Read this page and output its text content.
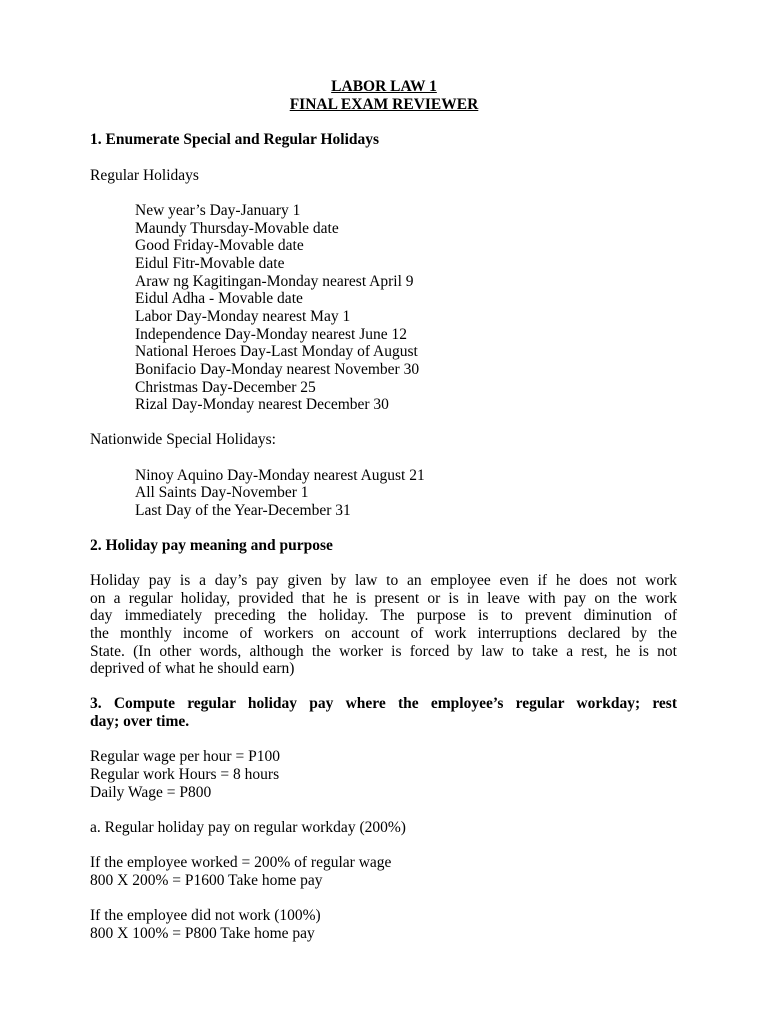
LABOR LAW 1
FINAL EXAM REVIEWER
1. Enumerate Special and Regular Holidays
Regular Holidays
New year’s Day-January 1
Maundy Thursday-Movable date
Good Friday-Movable date
Eidul Fitr-Movable date
Araw ng Kagitingan-Monday nearest April 9
Eidul Adha - Movable date
Labor Day-Monday nearest May 1
Independence Day-Monday nearest June 12
National Heroes Day-Last Monday of August
Bonifacio Day-Monday nearest November 30
Christmas Day-December 25
Rizal Day-Monday nearest December 30
Nationwide Special Holidays:
Ninoy Aquino Day-Monday nearest August 21
All Saints Day-November 1
Last Day of the Year-December 31
2. Holiday pay meaning and purpose
Holiday pay is a day’s pay given by law to an employee even if he does not work
on a regular holiday, provided that he is present or is in leave with pay on the work
day immediately preceding the holiday. The purpose is to prevent diminution of
the monthly income of workers on account of work interruptions declared by the
State. (In other words, although the worker is forced by law to take a rest, he is not
deprived of what he should earn)
3. Compute regular holiday pay where the employee’s regular workday; rest
day; over time.
Regular wage per hour = P100
Regular work Hours = 8 hours
Daily Wage = P800
a. Regular holiday pay on regular workday (200%)
If the employee worked = 200% of regular wage
800 X 200% = P1600 Take home pay
If the employee did not work (100%)
800 X 100% = P800 Take home pay
